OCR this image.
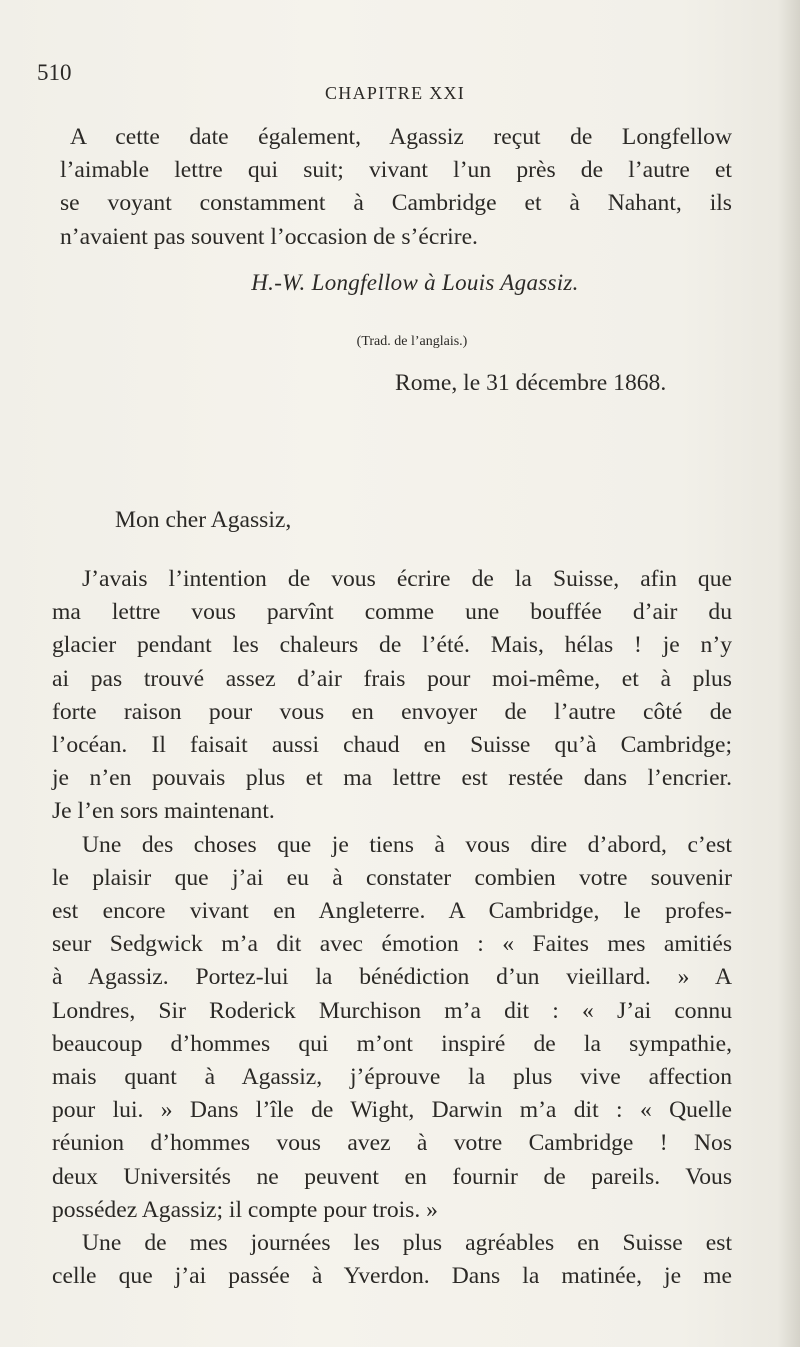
510
CHAPITRE XXI
A cette date également, Agassiz reçut de Longfellow
l’aimable lettre qui suit; vivant l’un près de l’autre et
se voyant constamment à Cambridge et à Nahant, ils
n’avaient pas souvent l’occasion de s’écrire.
H.-W. Longfellow à Louis Agassiz.
(Trad. de l’anglais.)
Rome, le 31 décembre 1868.
Mon cher Agassiz,
J’avais l’intention de vous écrire de la Suisse, afin que
ma lettre vous parvînt comme une bouffée d’air du
glacier pendant les chaleurs de l’été. Mais, hélas ! je n’y
ai pas trouvé assez d’air frais pour moi-même, et à plus
forte raison pour vous en envoyer de l’autre côté de
l’océan. Il faisait aussi chaud en Suisse qu’à Cambridge;
je n’en pouvais plus et ma lettre est restée dans l’encrier.
Je l’en sors maintenant.
Une des choses que je tiens à vous dire d’abord, c’est
le plaisir que j’ai eu à constater combien votre souvenir
est encore vivant en Angleterre. A Cambridge, le profes-
seur Sedgwick m’a dit avec émotion : « Faites mes amitiés
à Agassiz. Portez-lui la bénédiction d’un vieillard. » A
Londres, Sir Roderick Murchison m’a dit : « J’ai connu
beaucoup d’hommes qui m’ont inspiré de la sympathie,
mais quant à Agassiz, j’éprouve la plus vive affection
pour lui. » Dans l’île de Wight, Darwin m’a dit : « Quelle
réunion d’hommes vous avez à votre Cambridge ! Nos
deux Universités ne peuvent en fournir de pareils. Vous
possédez Agassiz; il compte pour trois. »
Une de mes journées les plus agréables en Suisse est
celle que j’ai passée à Yverdon. Dans la matinée, je me
